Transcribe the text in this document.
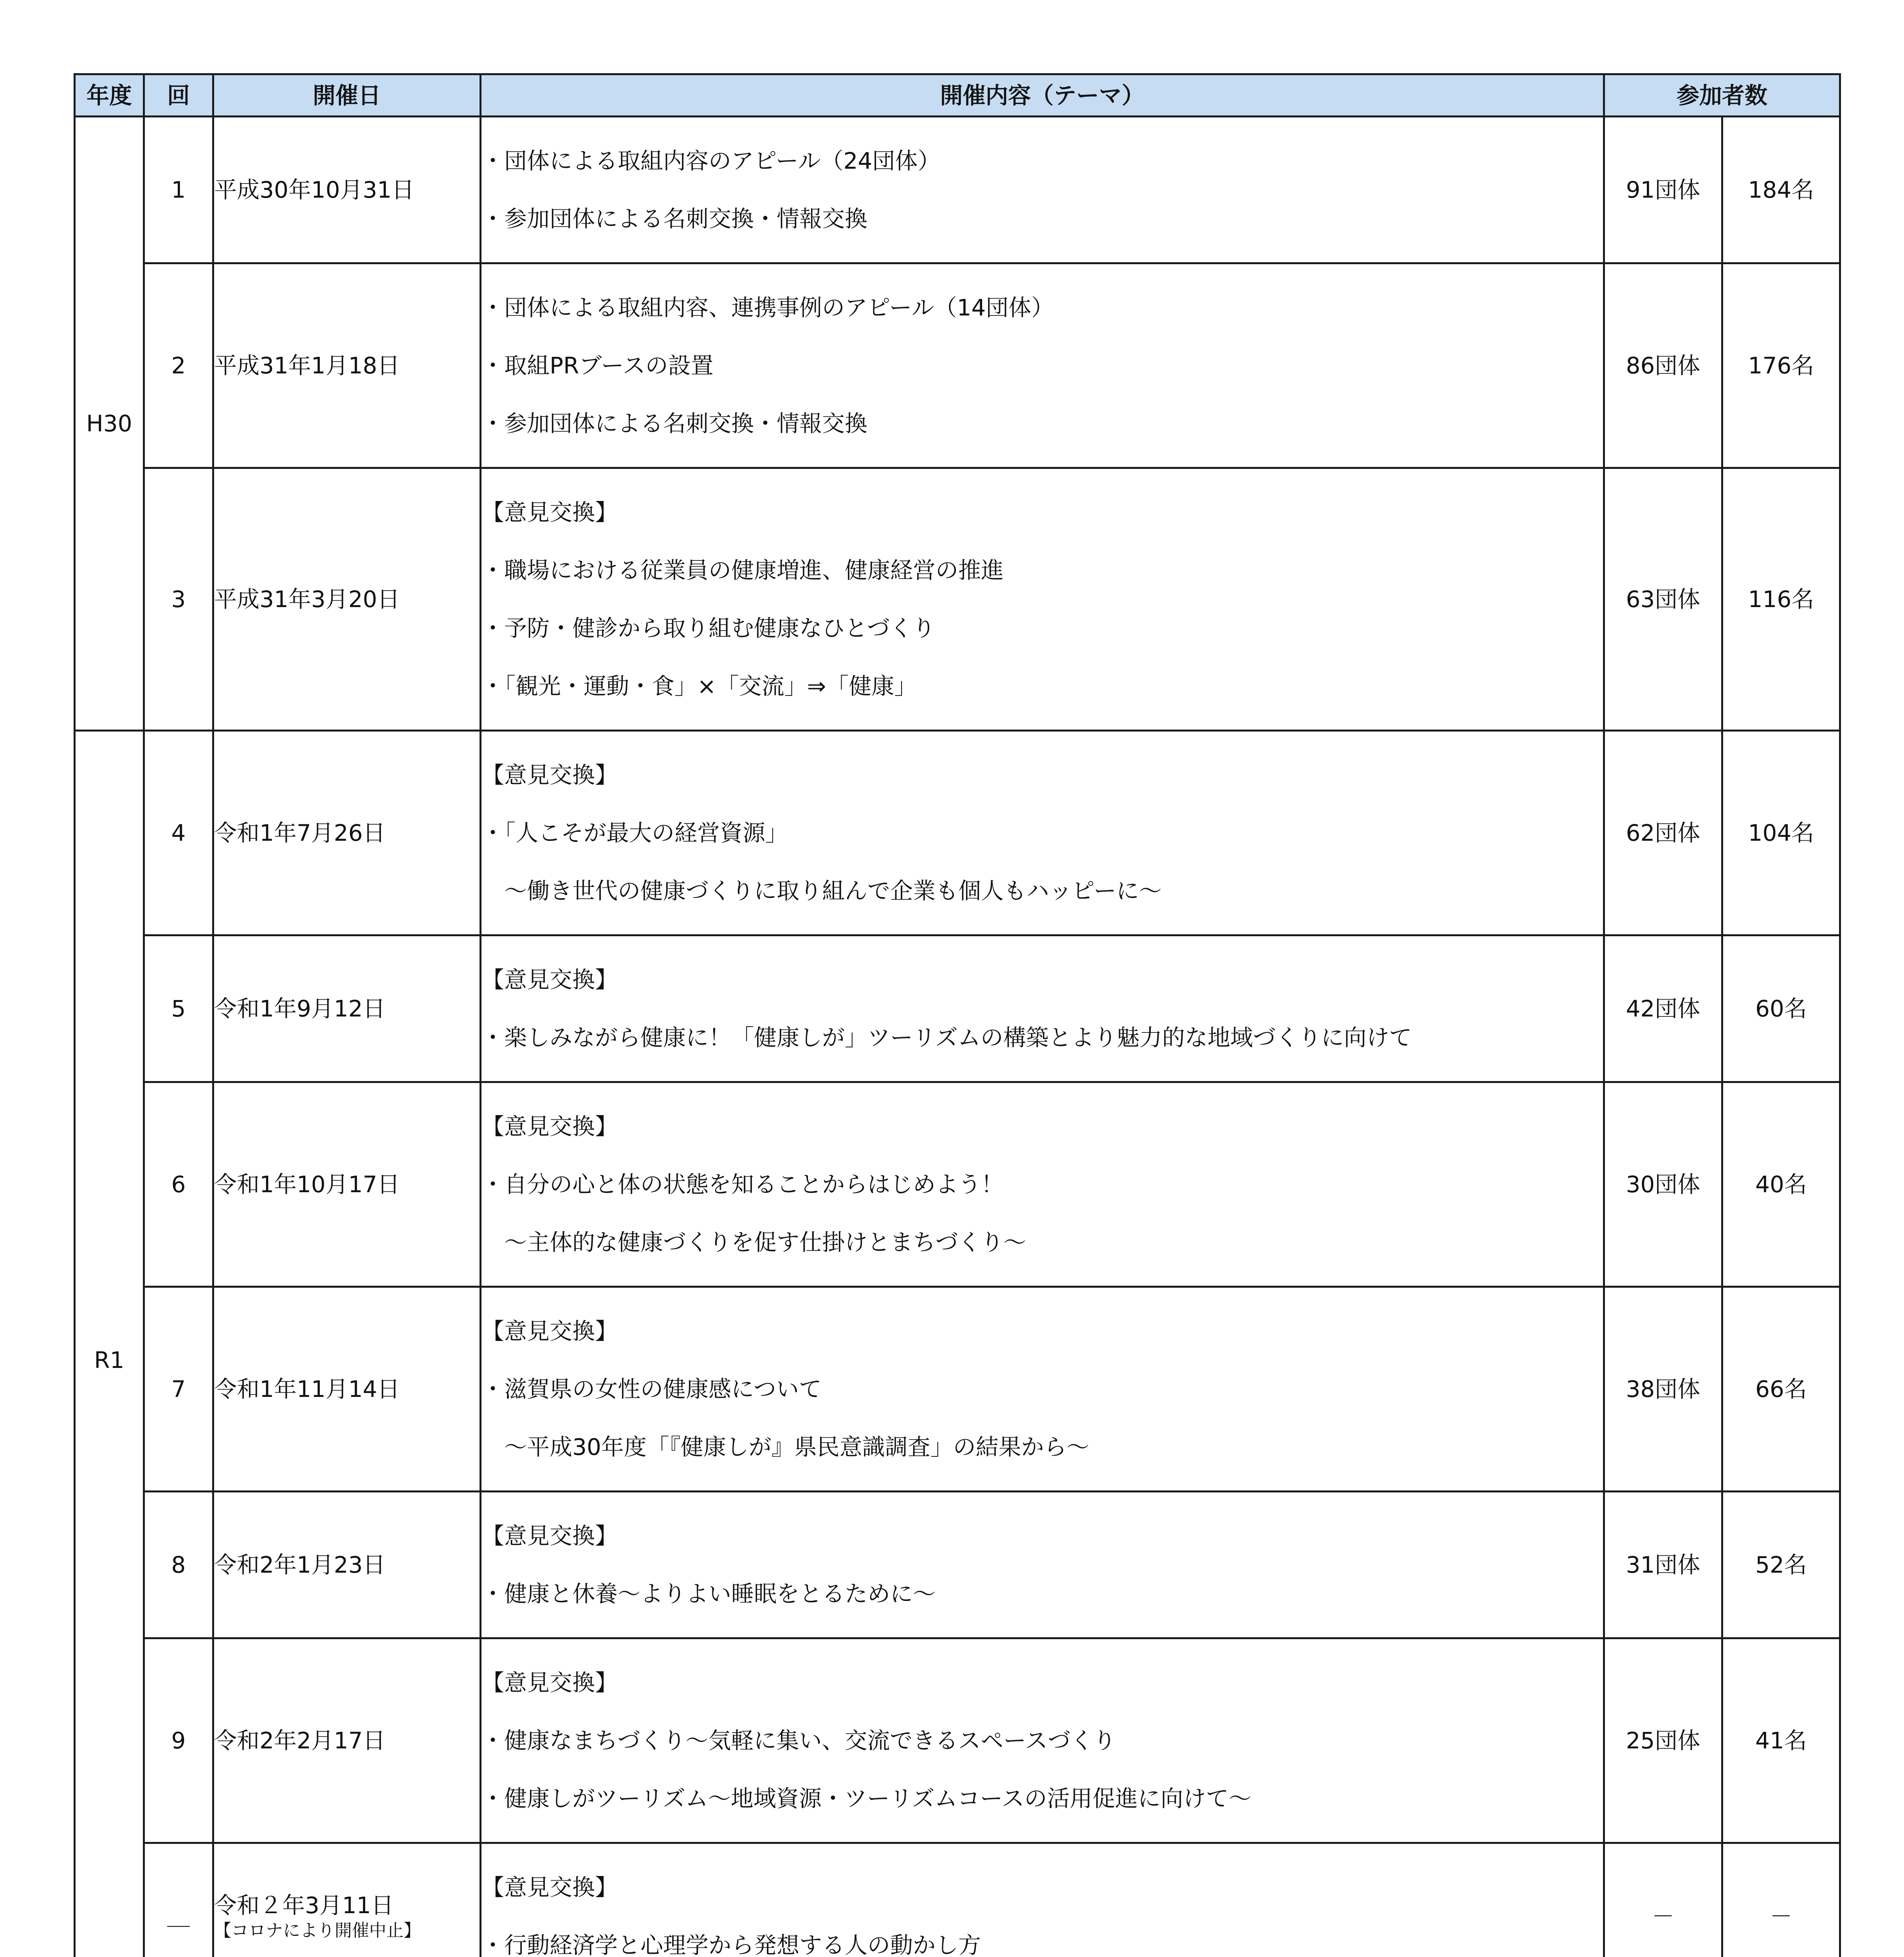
年度	回	開催日	開催内容（テーマ）	参加者数	
H30	1	平成30年10月31日	・団体による取組内容のアピール（24団体）

・参加団体による名刺交換・情報交換	91団体	184名
	2	平成31年1月18日	・団体による取組内容、連携事例のアピール（14団体）

・取組PRブースの設置

・参加団体による名刺交換・情報交換	86団体	176名
	3	平成31年3月20日	【意見交換】

・職場における従業員の健康増進、健康経営の推進

・予防・健診から取り組む健康なひとづくり

・「観光・運動・食」×「交流」⇒「健康」	63団体	116名
R1	4	令和1年7月26日	【意見交換】

・「人こそが最大の経営資源」

　～働き世代の健康づくりに取り組んで企業も個人もハッピーに～	62団体	104名
	5	令和1年9月12日	【意見交換】

・楽しみながら健康に！「健康しが」ツーリズムの構築とより魅力的な地域づくりに向けて	42団体	60名
	6	令和1年10月17日	【意見交換】

・自分の心と体の状態を知ることからはじめよう！

　～主体的な健康づくりを促す仕掛けとまちづくり～	30団体	40名
	7	令和1年11月14日	【意見交換】

・滋賀県の女性の健康感について

　～平成30年度「『健康しが』県民意識調査」の結果から～	38団体	66名
	8	令和2年1月23日	【意見交換】

・健康と休養～よりよい睡眠をとるために～	31団体	52名
	9	令和2年2月17日	【意見交換】

・健康なまちづくり～気軽に集い、交流できるスペースづくり

・健康しがツーリズム～地域資源・ツーリズムコースの活用促進に向けて～	25団体	41名
	＿	令和２年3月11日
【コロナにより開催中止】	【意見交換】

・行動経済学と心理学から発想する人の動かし方	－	－
